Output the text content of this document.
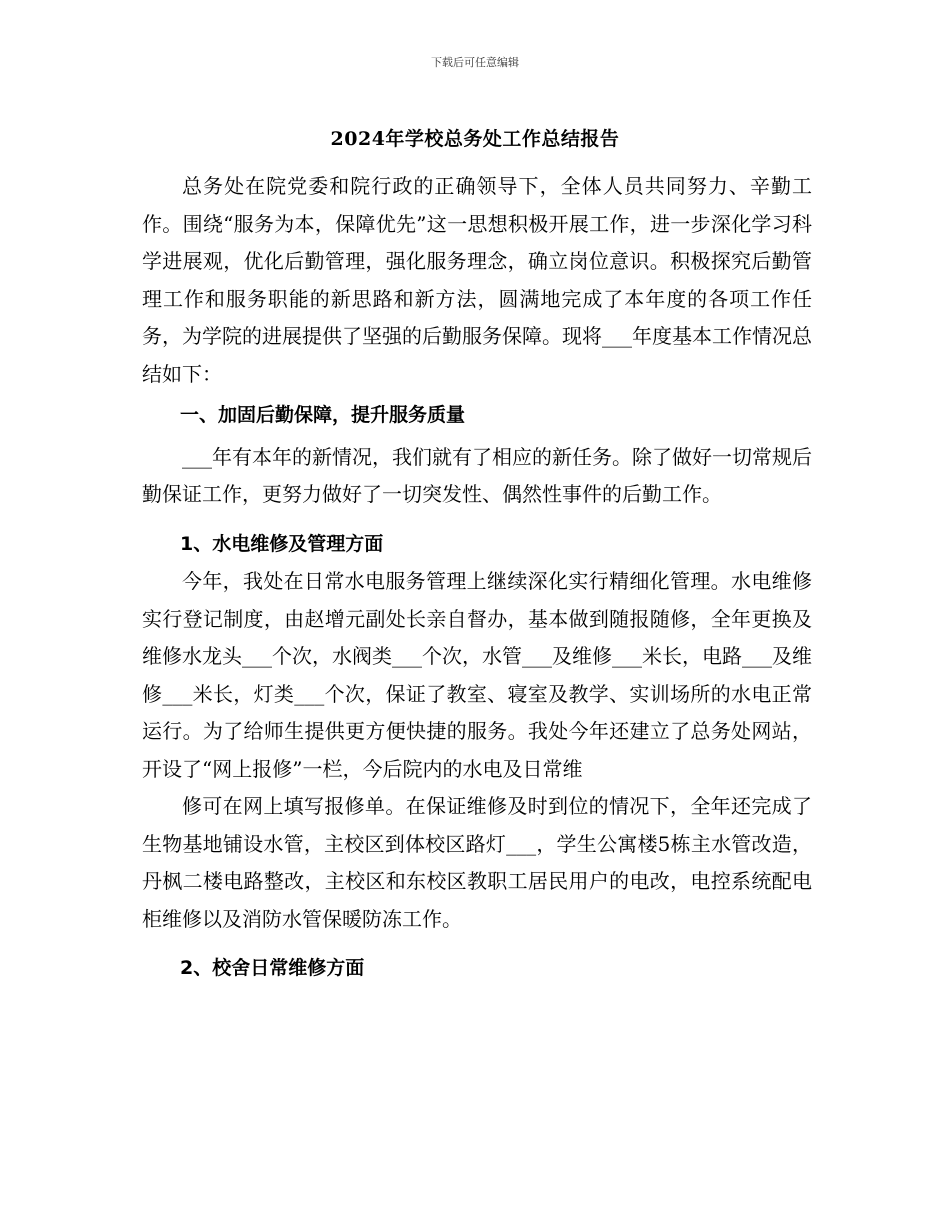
下载后可任意编辑
2024年学校总务处工作总结报告

总务处在院党委和院行政的正确领导下，全体人员共同努力、辛勤工作。围绕“服务为本，保障优先”这一思想积极开展工作，进一步深化学习科学进展观，优化后勤管理，强化服务理念，确立岗位意识。积极探究后勤管理工作和服务职能的新思路和新方法，圆满地完成了本年度的各项工作任务，为学院的进展提供了坚强的后勤服务保障。现将___年度基本工作情况总结如下：

一、加固后勤保障，提升服务质量

___年有本年的新情况，我们就有了相应的新任务。除了做好一切常规后勤保证工作，更努力做好了一切突发性、偶然性事件的后勤工作。

1、水电维修及管理方面

今年，我处在日常水电服务管理上继续深化实行精细化管理。水电维修实行登记制度，由赵增元副处长亲自督办，基本做到随报随修，全年更换及维修水龙头___个次，水阀类___个次，水管___及维修___米长，电路___及维修___米长，灯类___个次，保证了教室、寝室及教学、实训场所的水电正常运行。为了给师生提供更方便快捷的服务。我处今年还建立了总务处网站，开设了“网上报修”一栏，今后院内的水电及日常维

修可在网上填写报修单。在保证维修及时到位的情况下，全年还完成了生物基地铺设水管，主校区到体校区路灯___，学生公寓楼5栋主水管改造，丹枫二楼电路整改，主校区和东校区教职工居民用户的电改，电控系统配电柜维修以及消防水管保暖防冻工作。

2、校舍日常维修方面
